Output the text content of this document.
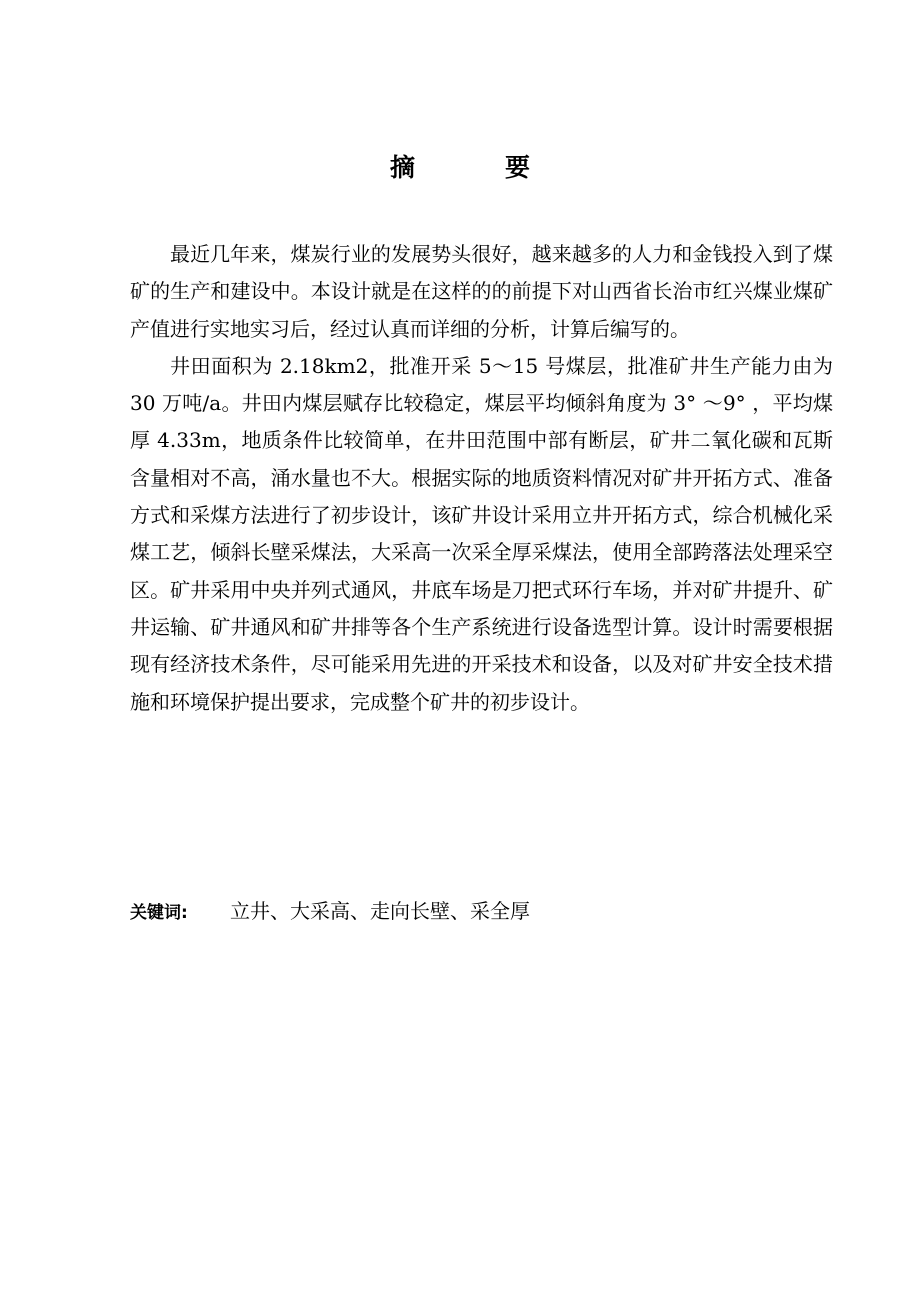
摘	要

最近几年来，煤炭行业的发展势头很好，越来越多的人力和金钱投入到了煤矿的生产和建设中。本设计就是在这样的的前提下对山西省长治市红兴煤业煤矿产值进行实地实习后，经过认真而详细的分析，计算后编写的。

井田面积为 2.18km2，批准开采 5～15 号煤层，批准矿井生产能力由为 30 万吨/a。井田内煤层赋存比较稳定，煤层平均倾斜角度为 3° ～9° ，平均煤厚 4.33m，地质条件比较简单，在井田范围中部有断层，矿井二氧化碳和瓦斯含量相对不高，涌水量也不大。根据实际的地质资料情况对矿井开拓方式、准备方式和采煤方法进行了初步设计，该矿井设计采用立井开拓方式，综合机械化采煤工艺，倾斜长壁采煤法，大采高一次采全厚采煤法，使用全部跨落法处理采空区。矿井采用中央并列式通风，井底车场是刀把式环行车场，并对矿井提升、矿井运输、矿井通风和矿井排等各个生产系统进行设备选型计算。设计时需要根据现有经济技术条件，尽可能采用先进的开采技术和设备，以及对矿井安全技术措施和环境保护提出要求，完成整个矿井的初步设计。

关键词: 立井、大采高、走向长壁、采全厚
